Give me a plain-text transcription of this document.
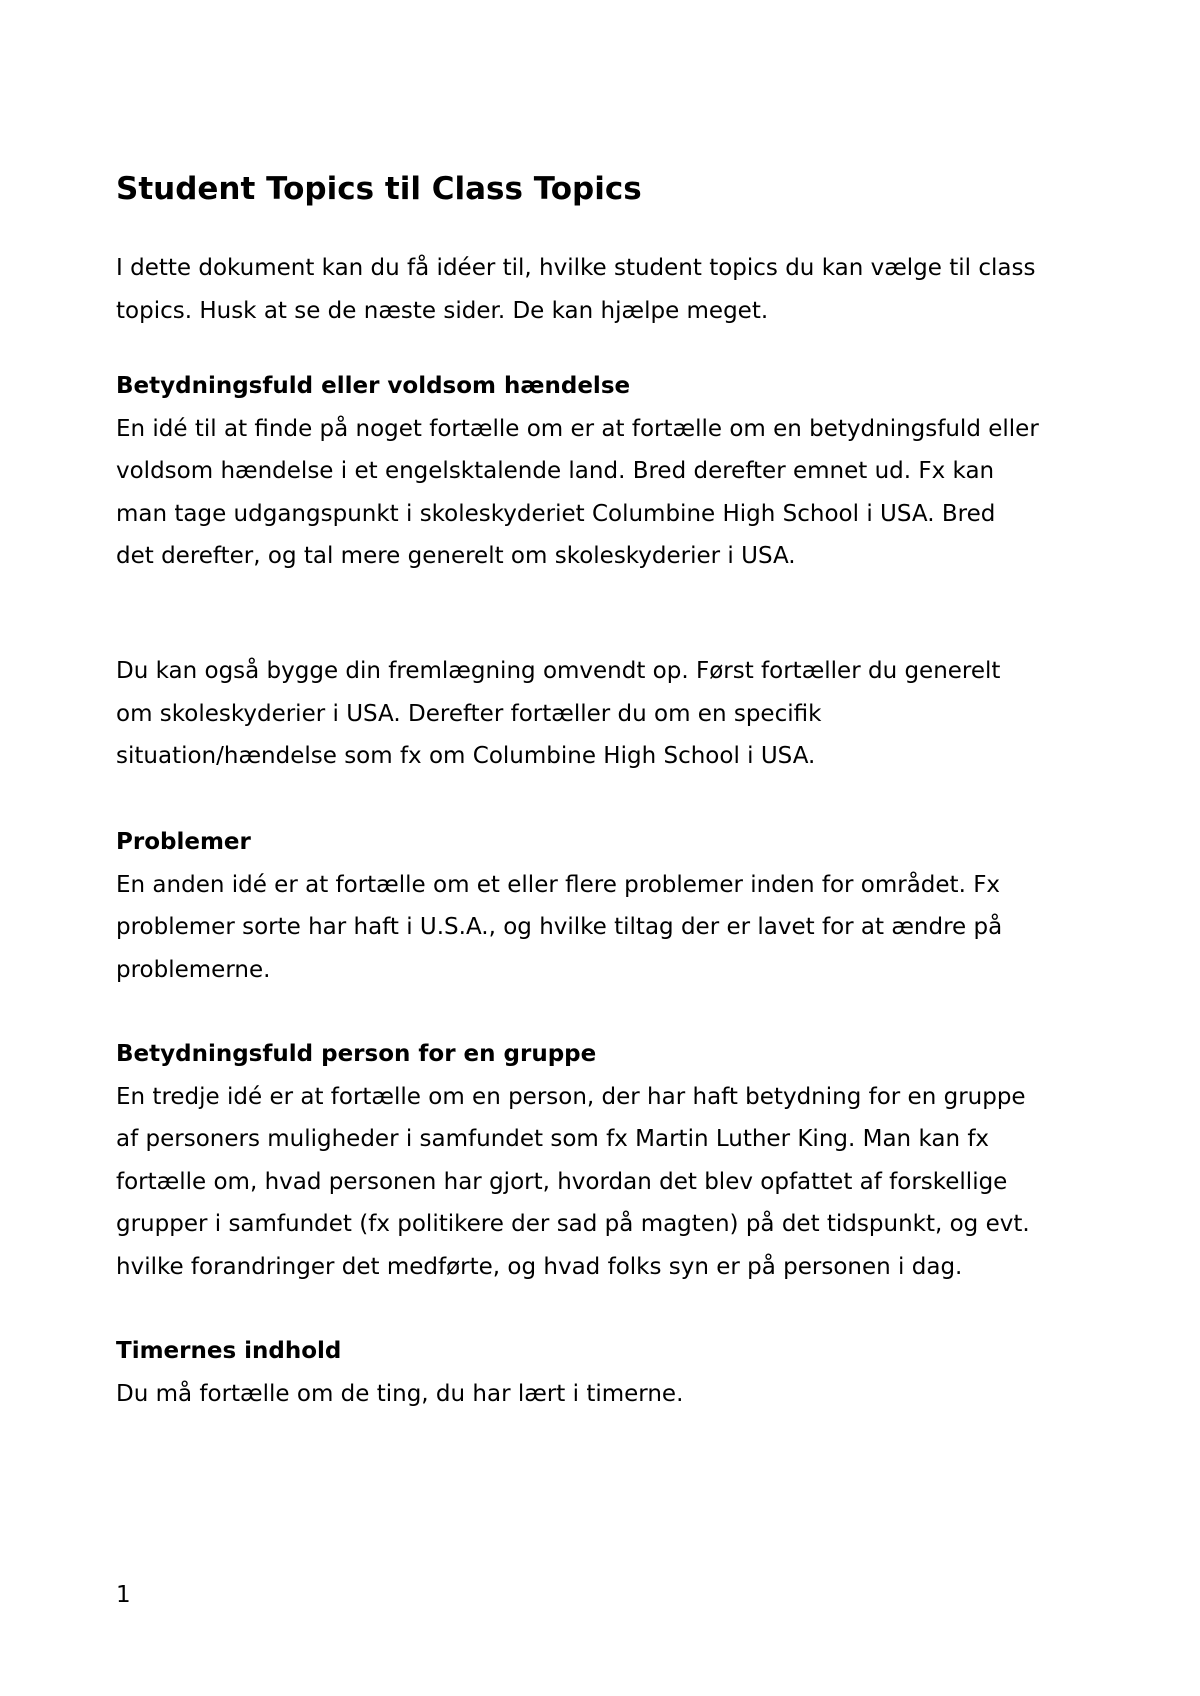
Student Topics til Class Topics

I dette dokument kan du få idéer til, hvilke student topics du kan vælge til class
topics. Husk at se de næste sider. De kan hjælpe meget.

Betydningsfuld eller voldsom hændelse
En idé til at finde på noget fortælle om er at fortælle om en betydningsfuld eller
voldsom hændelse i et engelsktalende land. Bred derefter emnet ud. Fx kan
man tage udgangspunkt i skoleskyderiet Columbine High School i USA. Bred
det derefter, og tal mere generelt om skoleskyderier i USA.

Du kan også bygge din fremlægning omvendt op. Først fortæller du generelt
om skoleskyderier i USA. Derefter fortæller du om en specifik
situation/hændelse som fx om Columbine High School i USA.

Problemer
En anden idé er at fortælle om et eller flere problemer inden for området. Fx
problemer sorte har haft i U.S.A., og hvilke tiltag der er lavet for at ændre på
problemerne.

Betydningsfuld person for en gruppe
En tredje idé er at fortælle om en person, der har haft betydning for en gruppe
af personers muligheder i samfundet som fx Martin Luther King. Man kan fx
fortælle om, hvad personen har gjort, hvordan det blev opfattet af forskellige
grupper i samfundet (fx politikere der sad på magten) på det tidspunkt, og evt.
hvilke forandringer det medførte, og hvad folks syn er på personen i dag.

Timernes indhold
Du må fortælle om de ting, du har lært i timerne.

1
